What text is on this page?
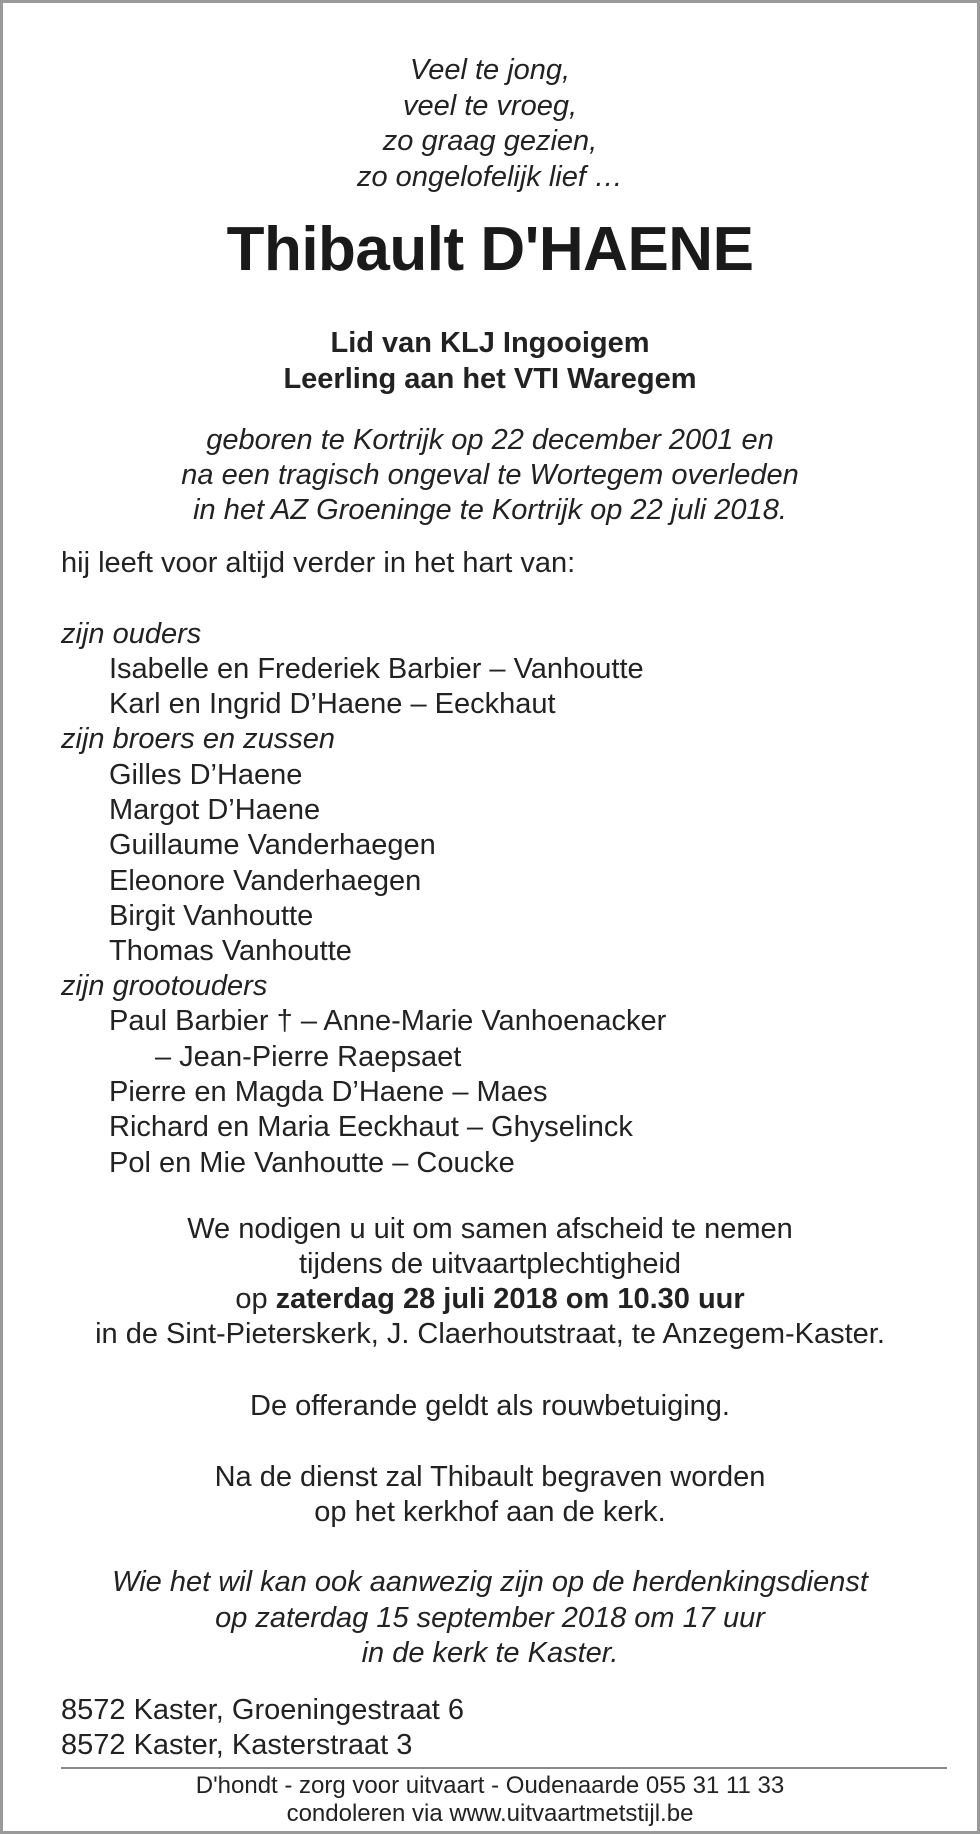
Veel te jong,
veel te vroeg,
zo graag gezien,
zo ongelofelijk lief …
Thibault D'HAENE
Lid van KLJ Ingooigem
Leerling aan het VTI Waregem
geboren te Kortrijk op 22 december 2001 en
na een tragisch ongeval te Wortegem overleden
in het AZ Groeninge te Kortrijk op 22 juli 2018.
hij leeft voor altijd verder in het hart van:
zijn ouders
Isabelle en Frederiek Barbier – Vanhoutte
Karl en Ingrid D’Haene – Eeckhaut
zijn broers en zussen
Gilles D’Haene
Margot D’Haene
Guillaume Vanderhaegen
Eleonore Vanderhaegen
Birgit Vanhoutte
Thomas Vanhoutte
zijn grootouders
Paul Barbier † – Anne-Marie Vanhoenacker
– Jean-Pierre Raepsaet
Pierre en Magda D’Haene – Maes
Richard en Maria Eeckhaut – Ghyselinck
Pol en Mie Vanhoutte – Coucke
We nodigen u uit om samen afscheid te nemen
tijdens de uitvaartplechtigheid
op zaterdag 28 juli 2018 om 10.30 uur
in de Sint-Pieterskerk, J. Claerhoutstraat, te Anzegem-Kaster.
De offerande geldt als rouwbetuiging.
Na de dienst zal Thibault begraven worden
op het kerkhof aan de kerk.
Wie het wil kan ook aanwezig zijn op de herdenkingsdienst
op zaterdag 15 september 2018 om 17 uur
in de kerk te Kaster.
8572 Kaster, Groeningestraat 6
8572 Kaster, Kasterstraat 3
D'hondt - zorg voor uitvaart - Oudenaarde 055 31 11 33
condoleren via www.uitvaartmetstijl.be
